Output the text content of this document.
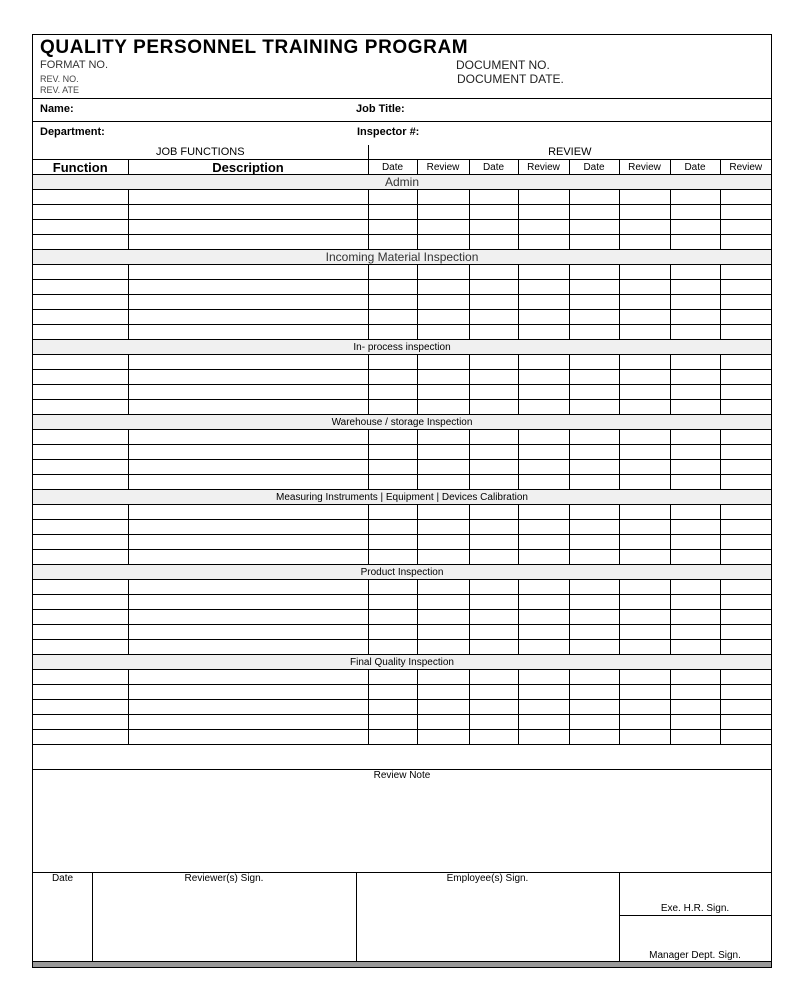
QUALITY PERSONNEL TRAINING PROGRAM
FORMAT NO.
REV. NO.
REV. ATE
DOCUMENT NO.
DOCUMENT DATE.
Name:	Job Title:
Department:	Inspector #:
JOB FUNCTIONS		REVIEW							
Function	Description	Date	Review	Date	Review	Date	Review	Date	Review
Admin									

Incoming Material Inspection									

In- process inspection									

Warehouse / storage Inspection									

Measuring Instruments | Equipment | Devices Calibration									

Product Inspection									

Final Quality Inspection									

Review Note
Date	Reviewer(s) Sign.	Employee(s) Sign.
Exe. H.R. Sign.
Manager Dept. Sign.
